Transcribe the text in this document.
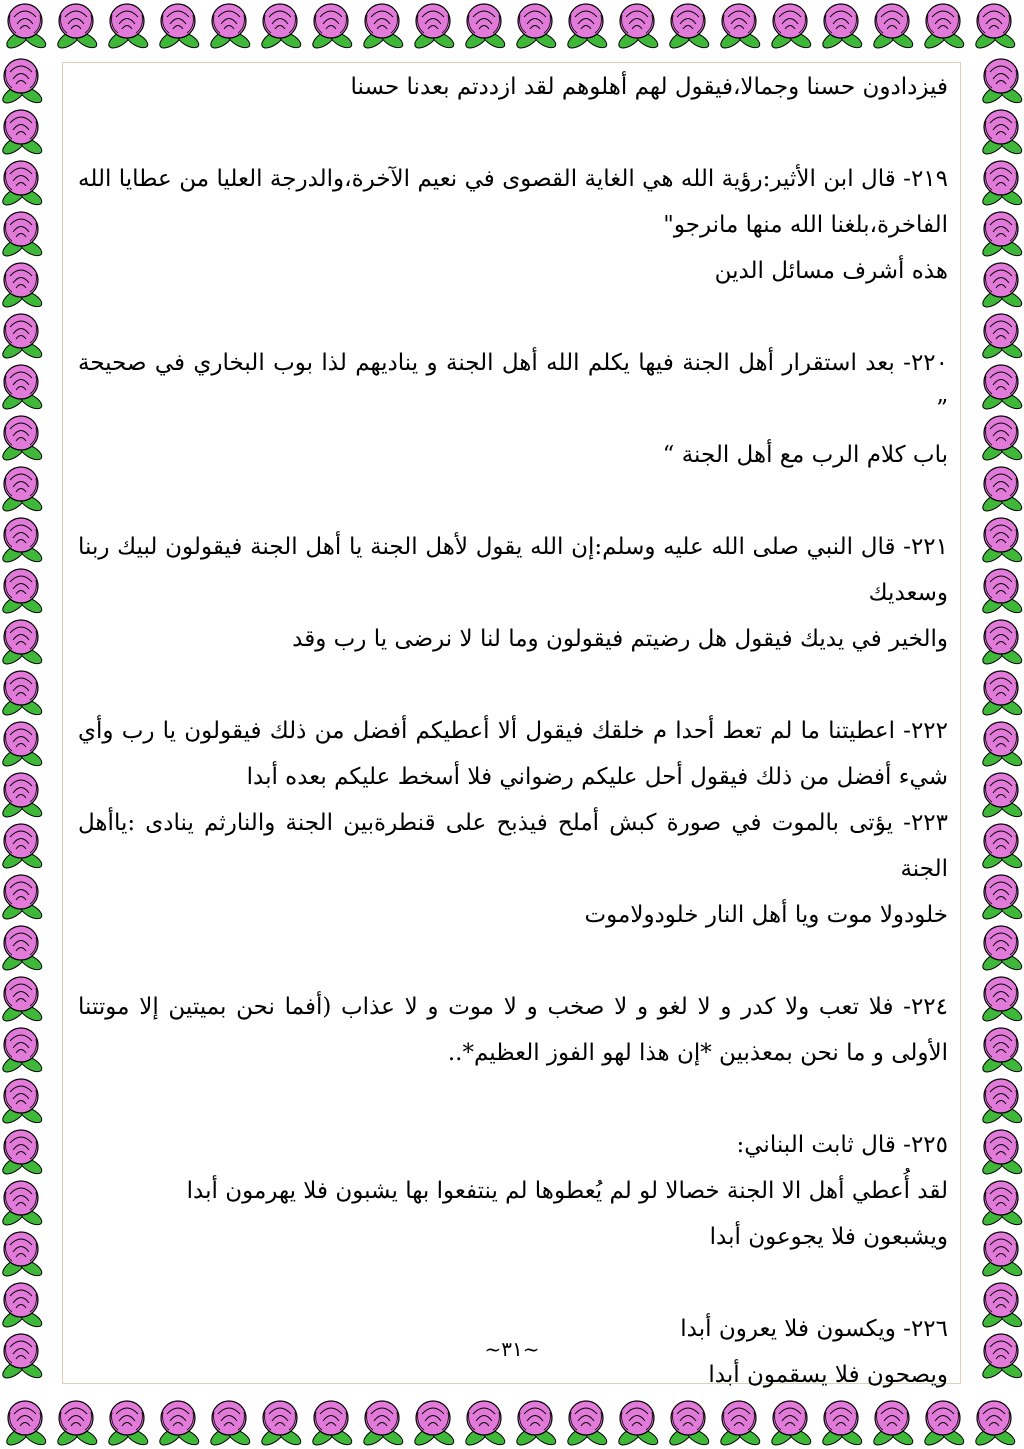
فيزدادون حسنا وجمالا،فيقول لهم أهلوهم لقد ازددتم بعدنا حسنا
٢١٩- قال ابن الأثير:رؤية الله هي الغاية القصوى في نعيم الآخرة،والدرجة العليا من عطايا الله
الفاخرة،بلغنا الله منها مانرجو"
هذه أشرف مسائل الدين
٢٢٠- بعد استقرار أهل الجنة فيها يكلم الله أهل الجنة و يناديهم لذا بوب البخاري في صحيحة ”
باب كلام الرب مع أهل الجنة “
٢٢١- قال النبي صلى الله عليه وسلم:إن الله يقول لأهل الجنة يا أهل الجنة فيقولون لبيك ربنا وسعديك
والخير في يديك فيقول هل رضيتم فيقولون وما لنا لا نرضى يا رب وقد
٢٢٢- اعطيتنا ما لم تعط أحدا م خلقك فيقول ألا أعطيكم أفضل من ذلك فيقولون يا رب وأي
شيء أفضل من ذلك فيقول أحل عليكم رضواني فلا أسخط عليكم بعده أبدا
٢٢٣- يؤتى بالموت في صورة كبش أملح فيذبح على قنطرةبين الجنة والنارثم ينادى :ياأهل الجنة
خلودولا موت ويا أهل النار خلودولاموت
٢٢٤- فلا تعب ولا كدر و لا لغو و لا صخب و لا موت و لا عذاب (أفما نحن بميتين إلا موتتنا
الأولى و ما نحن بمعذبين *إن هذا لهو الفوز العظيم*..
٢٢٥- قال ثابت البناني:
لقد أُعطي أهل الا الجنة خصالا لو لم يُعطوها لم ينتفعوا بها يشبون فلا يهرمون أبدا
ويشبعون فلا يجوعون أبدا
٢٢٦- ويكسون فلا يعرون أبدا
ويصحون فلا يسقمون أبدا
~٣١~
